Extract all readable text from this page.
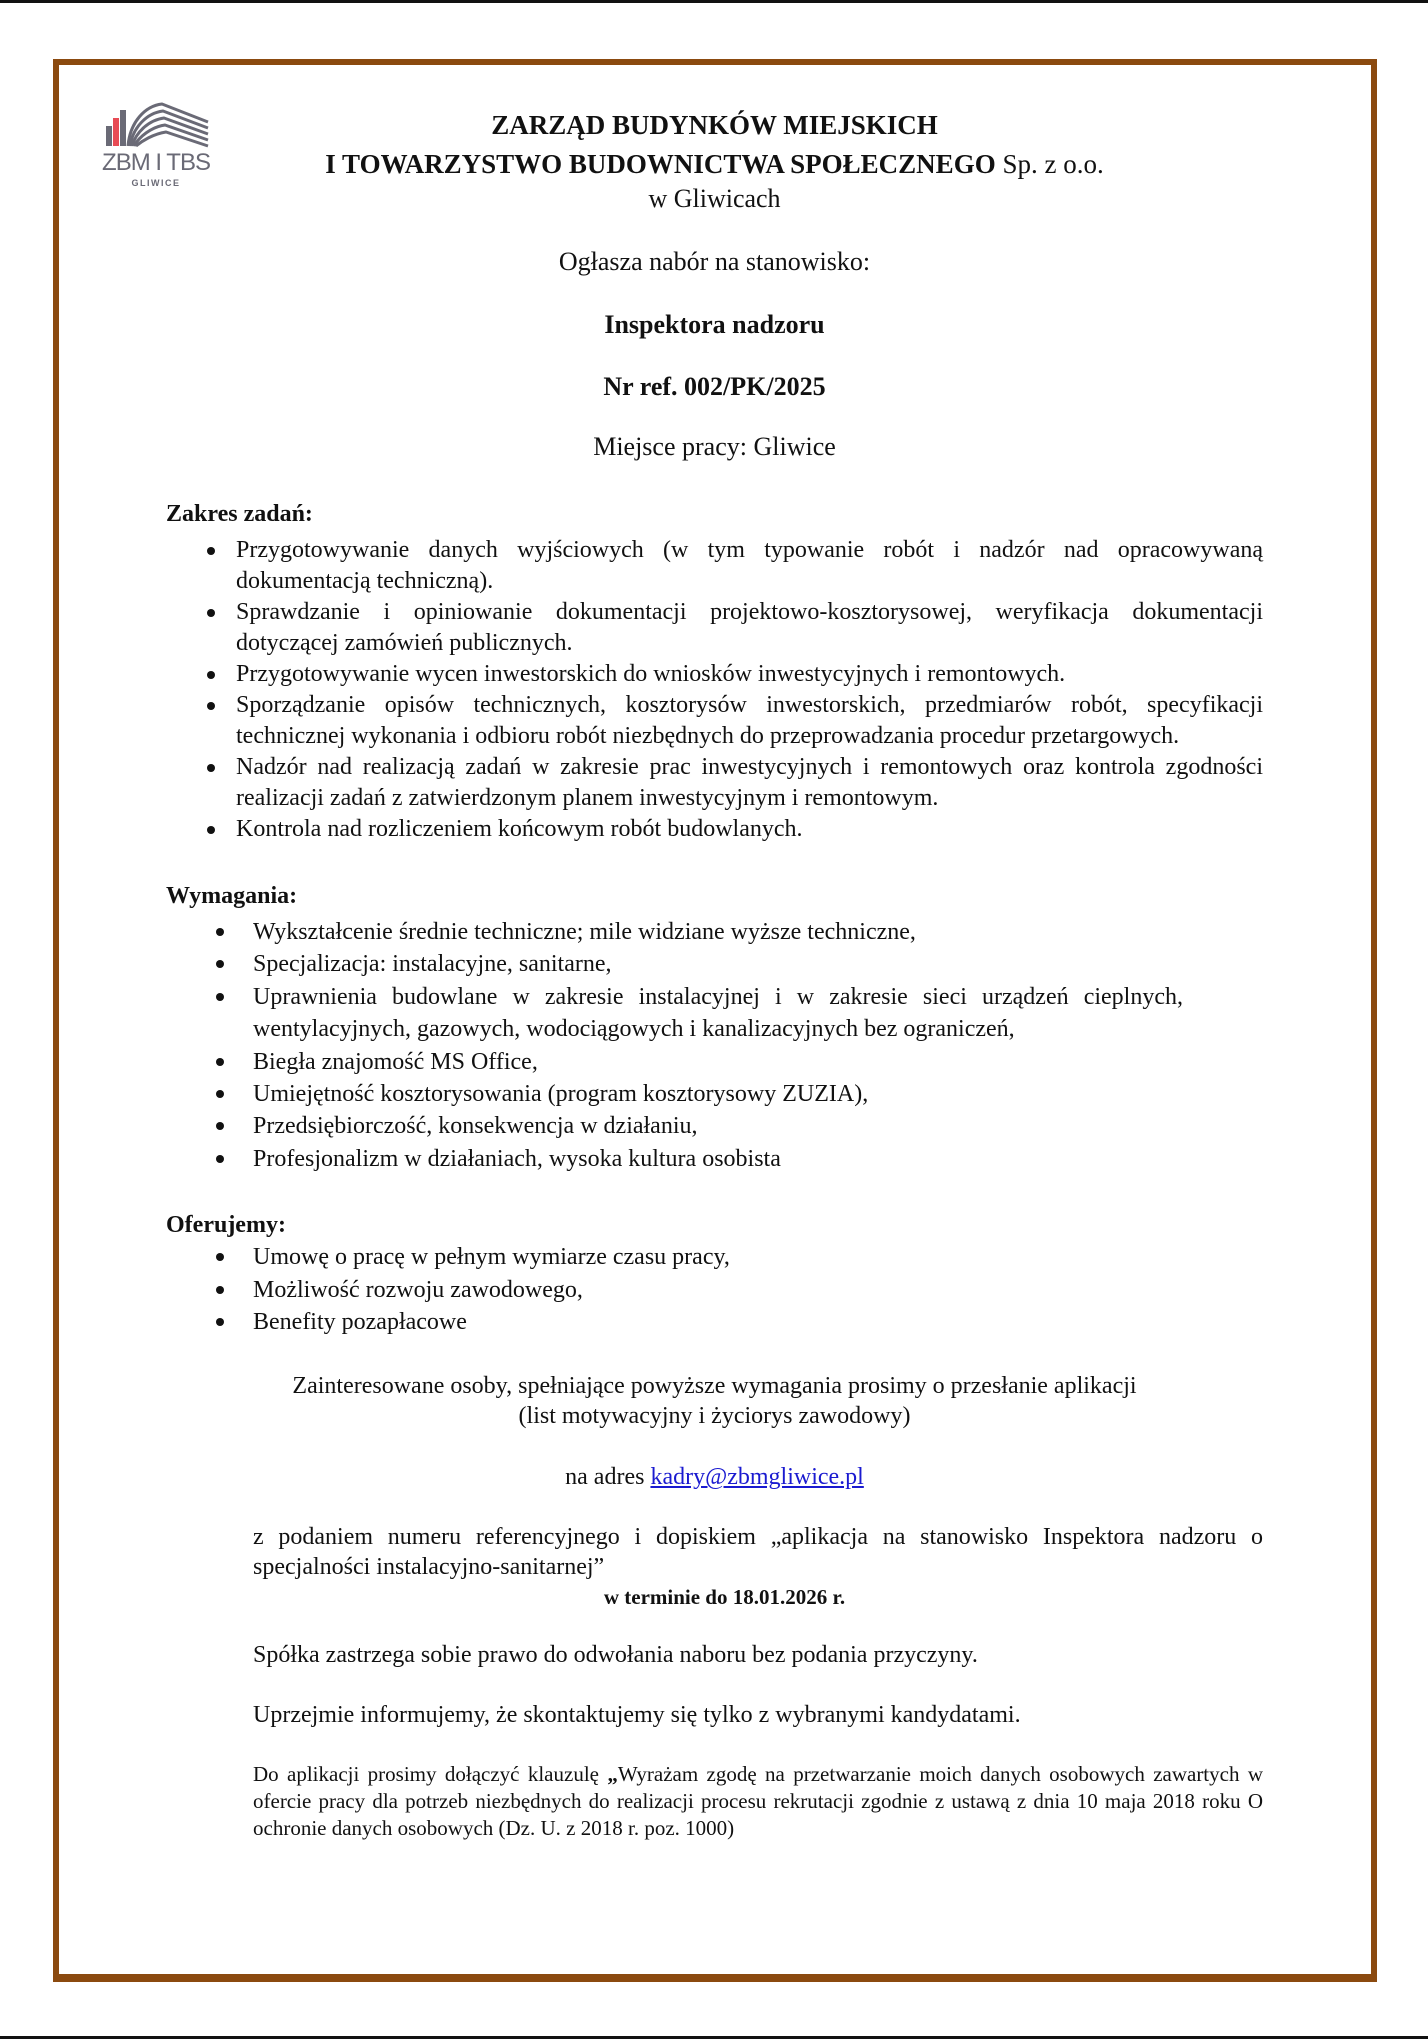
ZBM I TBS
GLIWICE

ZARZĄD BUDYNKÓW MIEJSKICH

I TOWARZYSTWO BUDOWNICTWA SPOŁECZNEGO Sp. z o.o.

w Gliwicach

Ogłasza nabór na stanowisko:

Inspektora nadzoru

Nr ref. 002/PK/2025

Miejsce pracy: Gliwice

Zakres zadań:

Przygotowywanie danych wyjściowych (w tym typowanie robót i nadzór nad opracowywaną dokumentacją techniczną).
Sprawdzanie i opiniowanie dokumentacji projektowo-kosztorysowej, weryfikacja dokumentacji dotyczącej zamówień publicznych.
Przygotowywanie wycen inwestorskich do wniosków inwestycyjnych i remontowych.
Sporządzanie opisów technicznych, kosztorysów inwestorskich, przedmiarów robót, specyfikacji technicznej wykonania i odbioru robót niezbędnych do przeprowadzania procedur przetargowych.
Nadzór nad realizacją zadań w zakresie prac inwestycyjnych i remontowych oraz kontrola zgodności realizacji zadań z zatwierdzonym planem inwestycyjnym i remontowym.
Kontrola nad rozliczeniem końcowym robót budowlanych.

Wymagania:

Wykształcenie średnie techniczne; mile widziane wyższe techniczne,
Specjalizacja: instalacyjne, sanitarne,
Uprawnienia budowlane w zakresie instalacyjnej i w zakresie sieci urządzeń cieplnych, wentylacyjnych, gazowych, wodociągowych i kanalizacyjnych bez ograniczeń,
Biegła znajomość MS Office,
Umiejętność kosztorysowania (program kosztorysowy ZUZIA),
Przedsiębiorczość, konsekwencja w działaniu,
Profesjonalizm w działaniach, wysoka kultura osobista

Oferujemy:

Umowę o pracę w pełnym wymiarze czasu pracy,
Możliwość rozwoju zawodowego,
Benefity pozapłacowe

Zainteresowane osoby, spełniające powyższe wymagania prosimy o przesłanie aplikacji

(list motywacyjny i życiorys zawodowy)

na adres kadry@zbmgliwice.pl

z podaniem numeru referencyjnego i dopiskiem „aplikacja na stanowisko Inspektora nadzoru o specjalności instalacyjno-sanitarnej”

w terminie do 18.01.2026 r.

Spółka zastrzega sobie prawo do odwołania naboru bez podania przyczyny.

Uprzejmie informujemy, że skontaktujemy się tylko z wybranymi kandydatami.

Do aplikacji prosimy dołączyć klauzulę „Wyrażam zgodę na przetwarzanie moich danych osobowych zawartych w ofercie pracy dla potrzeb niezbędnych do realizacji procesu rekrutacji zgodnie z ustawą z dnia 10 maja 2018 roku O ochronie danych osobowych (Dz. U. z 2018 r. poz. 1000)
